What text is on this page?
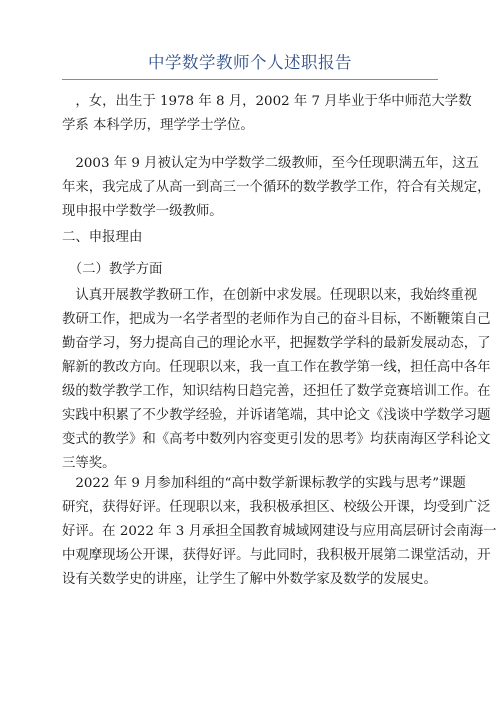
中学数学教师个人述职报告

　，女，出生于 1978 年 8 月，2002 年 7 月毕业于华中师范大学数
学系 本科学历，理学学士学位。

　2003 年 9 月被认定为中学数学二级教师，至今任现职满五年，这五
年来，我完成了从高一到高三一个循环的数学教学工作，符合有关规定，
现申报中学数学一级教师。

二、申报理由

　（二）教学方面

　认真开展教学教研工作，在创新中求发展。任现职以来，我始终重视
教研工作，把成为一名学者型的老师作为自己的奋斗目标，不断鞭策自己
勤奋学习，努力提高自己的理论水平，把握数学学科的最新发展动态，了
解新的教改方向。任现职以来，我一直工作在教学第一线，担任高中各年
级的数学教学工作，知识结构日趋完善，还担任了数学竞赛培训工作。在
实践中积累了不少教学经验，并诉诸笔端，其中论文《浅谈中学数学习题
变式的教学》和《高考中数列内容变更引发的思考》均获南海区学科论文
三等奖。

　2022 年 9 月参加科组的“高中数学新课标教学的实践与思考”课题
研究，获得好评。任现职以来，我积极承担区、校级公开课，均受到广泛
好评。在 2022 年 3 月承担全国教育城域网建设与应用高层研讨会南海一
中观摩现场公开课，获得好评。与此同时，我积极开展第二课堂活动，开
设有关数学史的讲座，让学生了解中外数学家及数学的发展史。
